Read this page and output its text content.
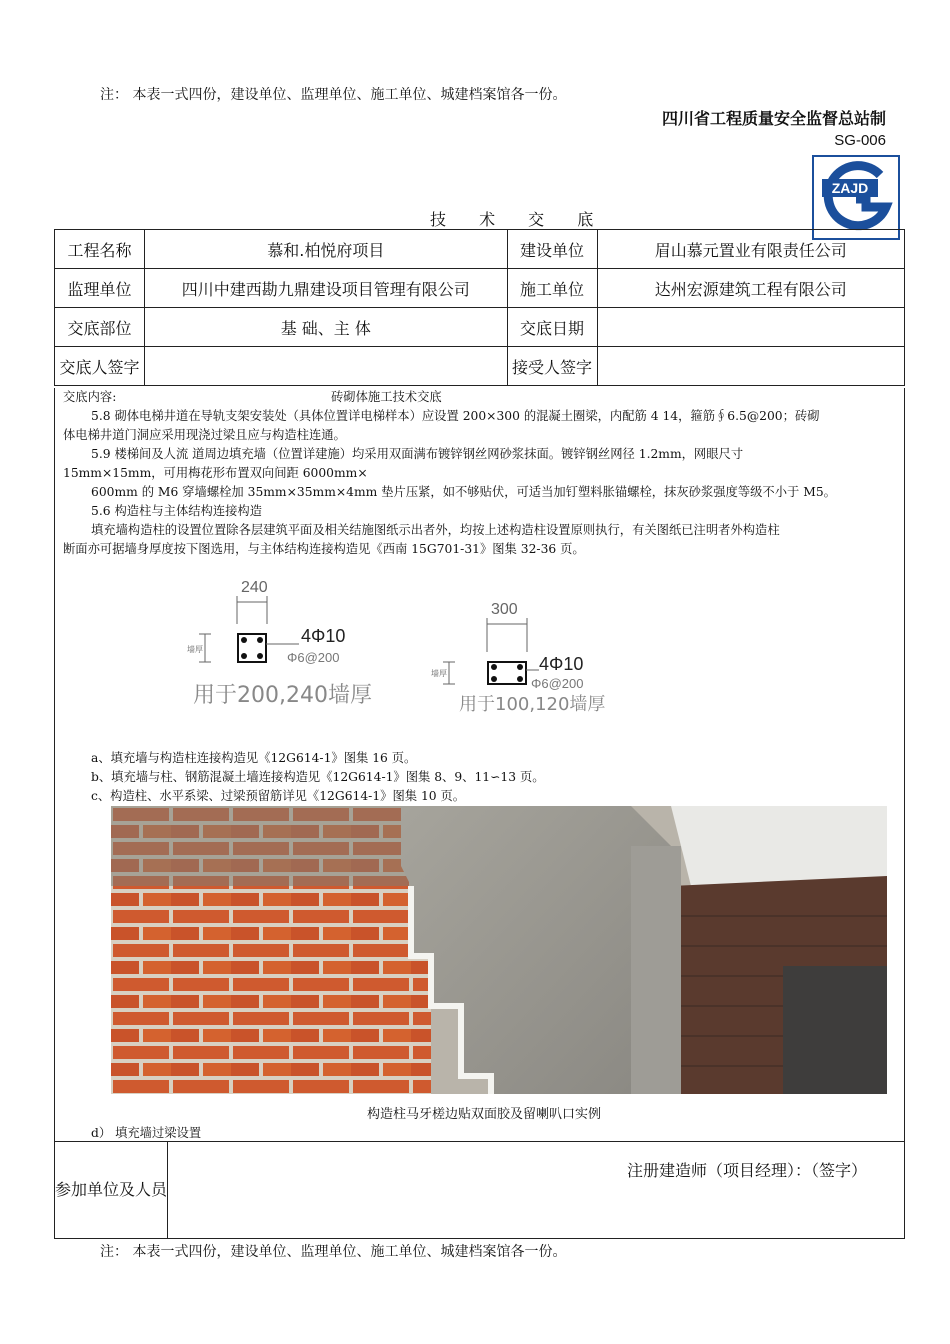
注： 本表一式四份，建设单位、监理单位、施工单位、城建档案馆各一份。
四川省工程质量安全监督总站制
SG-006
ZAJD
技 术 交 底
工程名称	慕和.柏悦府项目	建设单位	眉山慕元置业有限责任公司
监理单位	四川中建西勘九鼎建设项目管理有限公司	施工单位	达州宏源建筑工程有限公司
交底部位	基 础、主 体	交底日期	
交底人签字		接受人签字	
交底内容:	砖砌体施工技术交底
5.8 砌体电梯井道在导轨支架安装处（具体位置详电梯样本）应设置 200×300 的混凝土圈梁，内配筋 4 14，箍筋∮6.5@200；砖砌
体电梯井道门洞应采用现浇过梁且应与构造柱连通。
5.9 楼梯间及人流 道周边填充墙（位置详建施）均采用双面满布镀锌钢丝网砂浆抹面。镀锌钢丝网径 1.2mm，网眼尺寸
15mm×15mm，可用梅花形布置双向间距 6000mm×
600mm 的 M6 穿墙螺栓加 35mm×35mm×4mm 垫片压紧，如不够贴伏，可适当加钉塑料胀锚螺栓，抹灰砂浆强度等级不小于 M5。
5.6 构造柱与主体结构连接构造
填充墙构造柱的设置位置除各层建筑平面及相关结施图纸示出者外，均按上述构造柱设置原则执行，有关图纸已注明者外构造柱
断面亦可据墙身厚度按下图选用，与主体结构连接构造见《西南 15G701-31》图集 32-36 页。
240
墙厚
4Φ10
Φ6@200
用于200,240墙厚
300
墙厚	4Φ10
Φ6@200
用于100,120墙厚
a、填充墙与构造柱连接构造见《12G614-1》图集 16 页。
b、填充墙与柱、钢筋混凝土墙连接构造见《12G614-1》图集 8、9、11∽13 页。
c、构造柱、水平系梁、过梁预留筋详见《12G614-1》图集 10 页。
构造柱马牙槎边贴双面胶及留喇叭口实例
d） 填充墙过梁设置
参加单位及人员
注册建造师（项目经理）：（签字）
注： 本表一式四份，建设单位、监理单位、施工单位、城建档案馆各一份。
